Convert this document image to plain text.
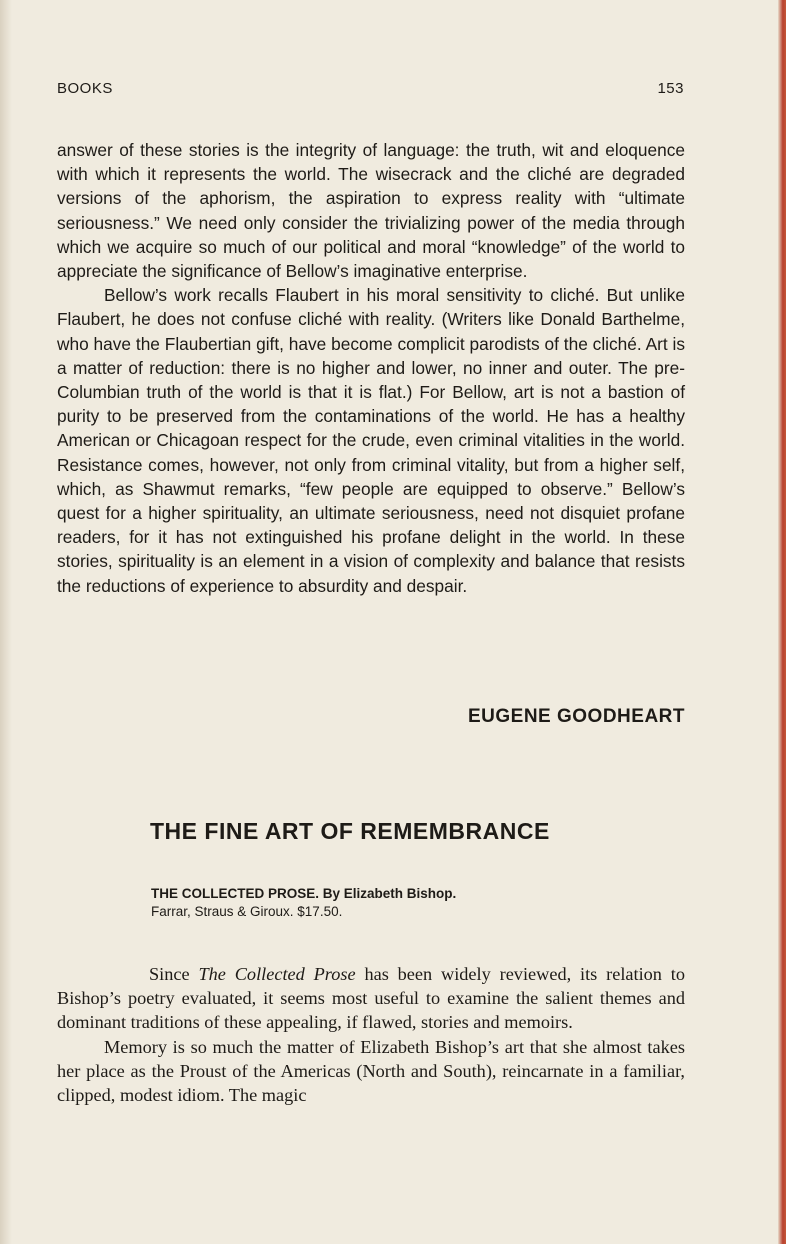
BOOKS	153

answer of these stories is the integrity of language: the truth, wit and eloquence with which it represents the world. The wisecrack and the cliché are degraded versions of the aphorism, the aspiration to express reality with “ultimate seriousness.” We need only consider the trivializing power of the media through which we acquire so much of our political and moral “knowledge” of the world to appreciate the significance of Bellow’s imaginative enterprise.

Bellow’s work recalls Flaubert in his moral sensitivity to cliché. But unlike Flaubert, he does not confuse cliché with reality. (Writers like Donald Barthelme, who have the Flaubertian gift, have become complicit parodists of the cliché. Art is a matter of reduction: there is no higher and lower, no inner and outer. The pre-Columbian truth of the world is that it is flat.) For Bellow, art is not a bastion of purity to be preserved from the contaminations of the world. He has a healthy American or Chicagoan respect for the crude, even criminal vitalities in the world. Resistance comes, however, not only from criminal vitality, but from a higher self, which, as Shawmut remarks, “few people are equipped to observe.” Bellow’s quest for a higher spirituality, an ultimate seriousness, need not disquiet profane readers, for it has not extinguished his profane delight in the world. In these stories, spirituality is an element in a vision of complexity and balance that resists the reductions of experience to absurdity and despair.

EUGENE GOODHEART
THE FINE ART OF REMEMBRANCE
THE COLLECTED PROSE. By Elizabeth Bishop.
Farrar, Straus & Giroux. $17.50.

Since The Collected Prose has been widely reviewed, its relation to Bishop’s poetry evaluated, it seems most useful to examine the salient themes and dominant traditions of these appealing, if flawed, stories and memoirs.

Memory is so much the matter of Elizabeth Bishop’s art that she almost takes her place as the Proust of the Americas (North and South), reincarnate in a familiar, clipped, modest idiom. The magic
